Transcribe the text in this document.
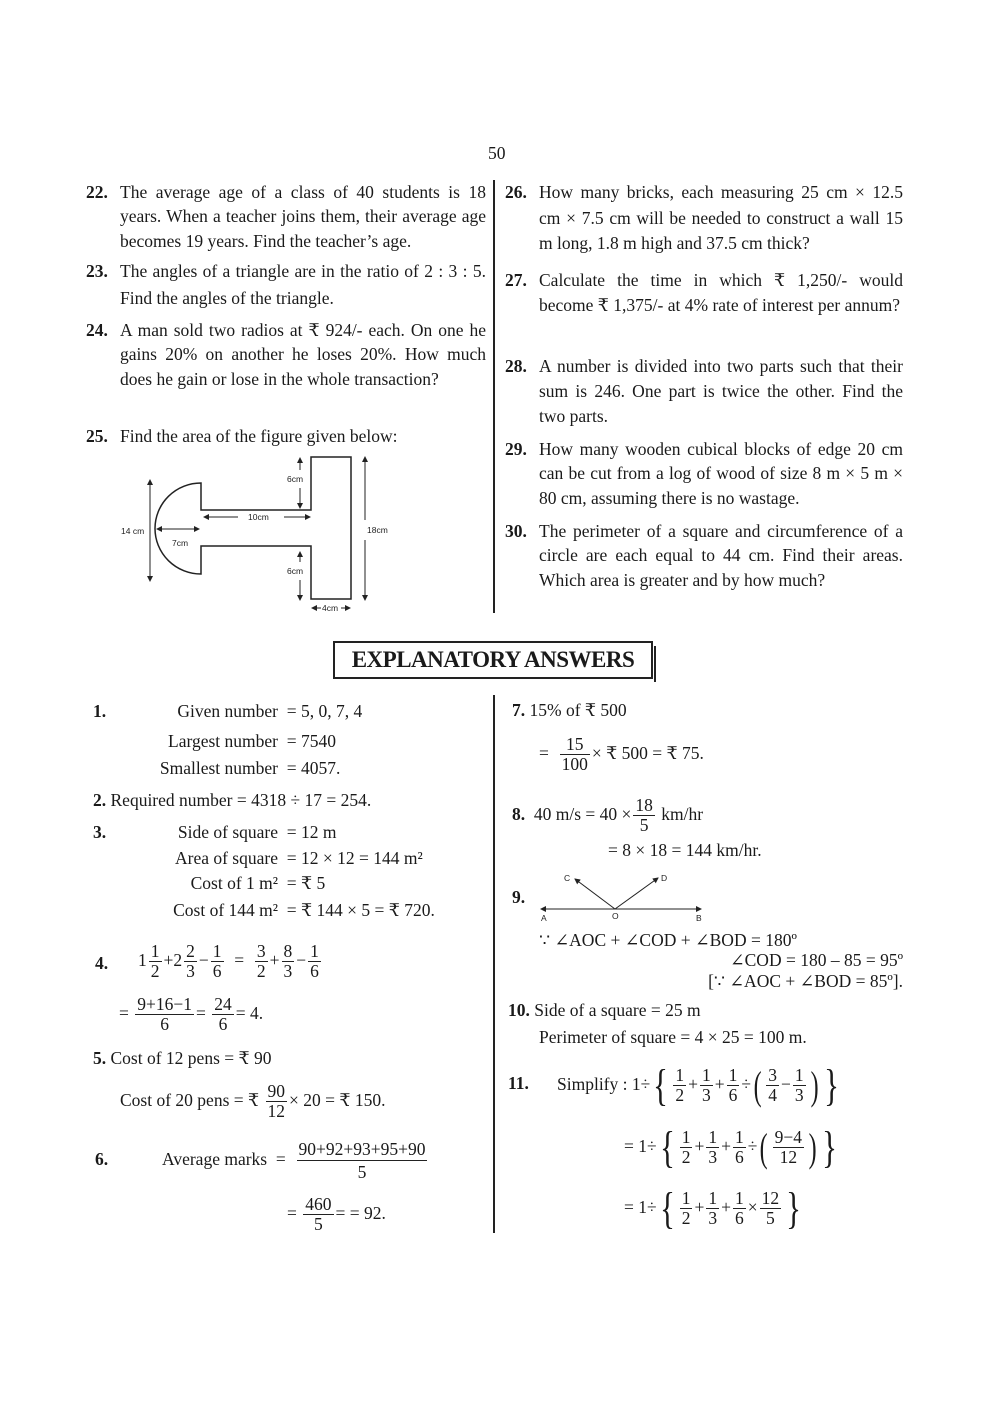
50
22. The average age of a class of 40 students is 18 years. When a teacher joins them, their average age becomes 19 years. Find the teacher’s age.
23. The angles of a triangle are in the ratio of 2 : 3 : 5. Find the angles of the triangle.
24. A man sold two radios at ₹ 924/- each. On one he gains 20% on another he loses 20%. How much does he gain or lose in the whole transaction?
25. Find the area of the figure given below:
26. How many bricks, each measuring 25 cm × 12.5 cm × 7.5 cm will be needed to construct a wall 15 m long, 1.8 m high and 37.5 cm thick?
27. Calculate the time in which ₹ 1,250/- would become ₹ 1,375/- at 4% rate of interest per annum?
28. A number is divided into two parts such that their sum is 246. One part is twice the other. Find the two parts.
29. How many wooden cubical blocks of edge 20 cm can be cut from a log of wood of size 8 m × 5 m × 80 cm, assuming there is no wastage.
30. The perimeter of a square and circumference of a circle are each equal to 44 cm. Find their areas. Which area is greater and by how much?
14 cm
7cm
10cm
6cm
6cm
18cm
4cm
EXPLANATORY ANSWERS
1.	Given number  = 5, 0, 7, 4
Largest number  = 7540
Smallest number  = 4057.
2. Required number = 4318 ÷ 17 = 254.
3.	Side of square  = 12 m
Area of square  = 12 × 12 = 144 m²
Cost of 1 m²  = ₹ 5
Cost of 144 m²  = ₹ 144 × 5 = ₹ 720.
4. $1 \frac{1}{2} +2 \frac{2}{3} - \frac{1}{6} = \frac{3}{2} + \frac{8}{3} - \frac{1}{6}$
= $\frac{9+16-1}{6} = \frac{24}{6} = 4$.
5. Cost of 12 pens = ₹ 90
Cost of 20 pens = ₹ $\frac{90}{12} \times 20$ = ₹ 150.
6.	Average marks  = $\frac{90+92+93+95+90}{5}$
= $\frac{460}{5}$ = = 92.
7. 15% of ₹ 500
= $\frac{15}{100}$ × ₹ 500 = ₹ 75.
8. 40 $m/s = 40 \times \frac{18}{5} km/hr$
= 8 × 18 = 144 km/hr.
9.
A	O	B
C	D
∵ ∠AOC + ∠COD + ∠BOD = 180º
∠COD = 180 – 85 = 95º
[∵ ∠AOC + ∠BOD = 85º].
10. Side of a square = 25 m
Perimeter of square = 4 × 25 = 100 m.
11. Simplify : $1\div\{ \frac{1}{2} + \frac{1}{3} + \frac{1}{6}$ ÷( $\frac{3}{4} - \frac{1}{3}$ ) }
= $1\div\{ \frac{1}{2} + \frac{1}{3} + \frac{1}{6}$ ÷( $\frac{9-4}{12}$ ) }
= $1\div\{ \frac{1}{2} + \frac{1}{3} + \frac{1}{6} \times \frac{12}{5}$ }
